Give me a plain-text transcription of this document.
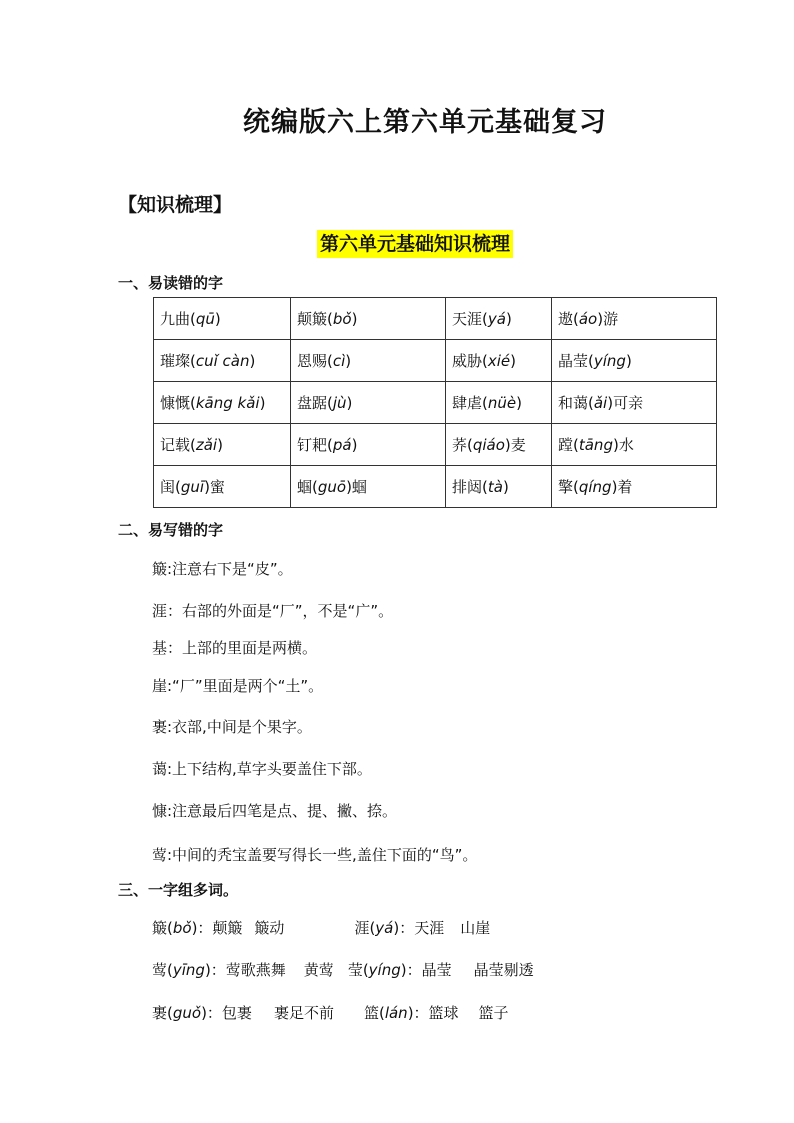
统编版六上第六单元基础复习
【知识梳理】
第六单元基础知识梳理
一、易读错的字
九曲(qū)	颠簸(bǒ)	天涯(yá)	遨(áo)游
璀璨(cuǐ càn)	恩赐(cì)	威胁(xié)	晶莹(yíng)
慷慨(kāng kǎi)	盘踞(jù)	肆虐(nüè)	和蔼(ǎi)可亲
记载(zǎi)	钉耙(pá)	荞(qiáo)麦	蹚(tāng)水
闺(guī)蜜	蝈(guō)蝈	排闼(tà)	擎(qíng)着
二、易写错的字
簸:注意右下是“皮”。
涯：右部的外面是“厂”，不是“广”。
基：上部的里面是两横。
崖:“厂”里面是两个“土”。
裹:衣部,中间是个果字。
蔼:上下结构,草字头要盖住下部。
慷:注意最后四笔是点、提、撇、捺。
莺:中间的秃宝盖要写得长一些,盖住下面的“鸟”。
三、一字组多词。
簸(bǒ)：颠簸 簸动	涯(yá)：天涯 山崖
莺(yīng)：莺歌燕舞 黄莺 莹(yíng)：晶莹 晶莹剔透
裹(guǒ)：包裹 裹足不前 篮(lán)：篮球 篮子
